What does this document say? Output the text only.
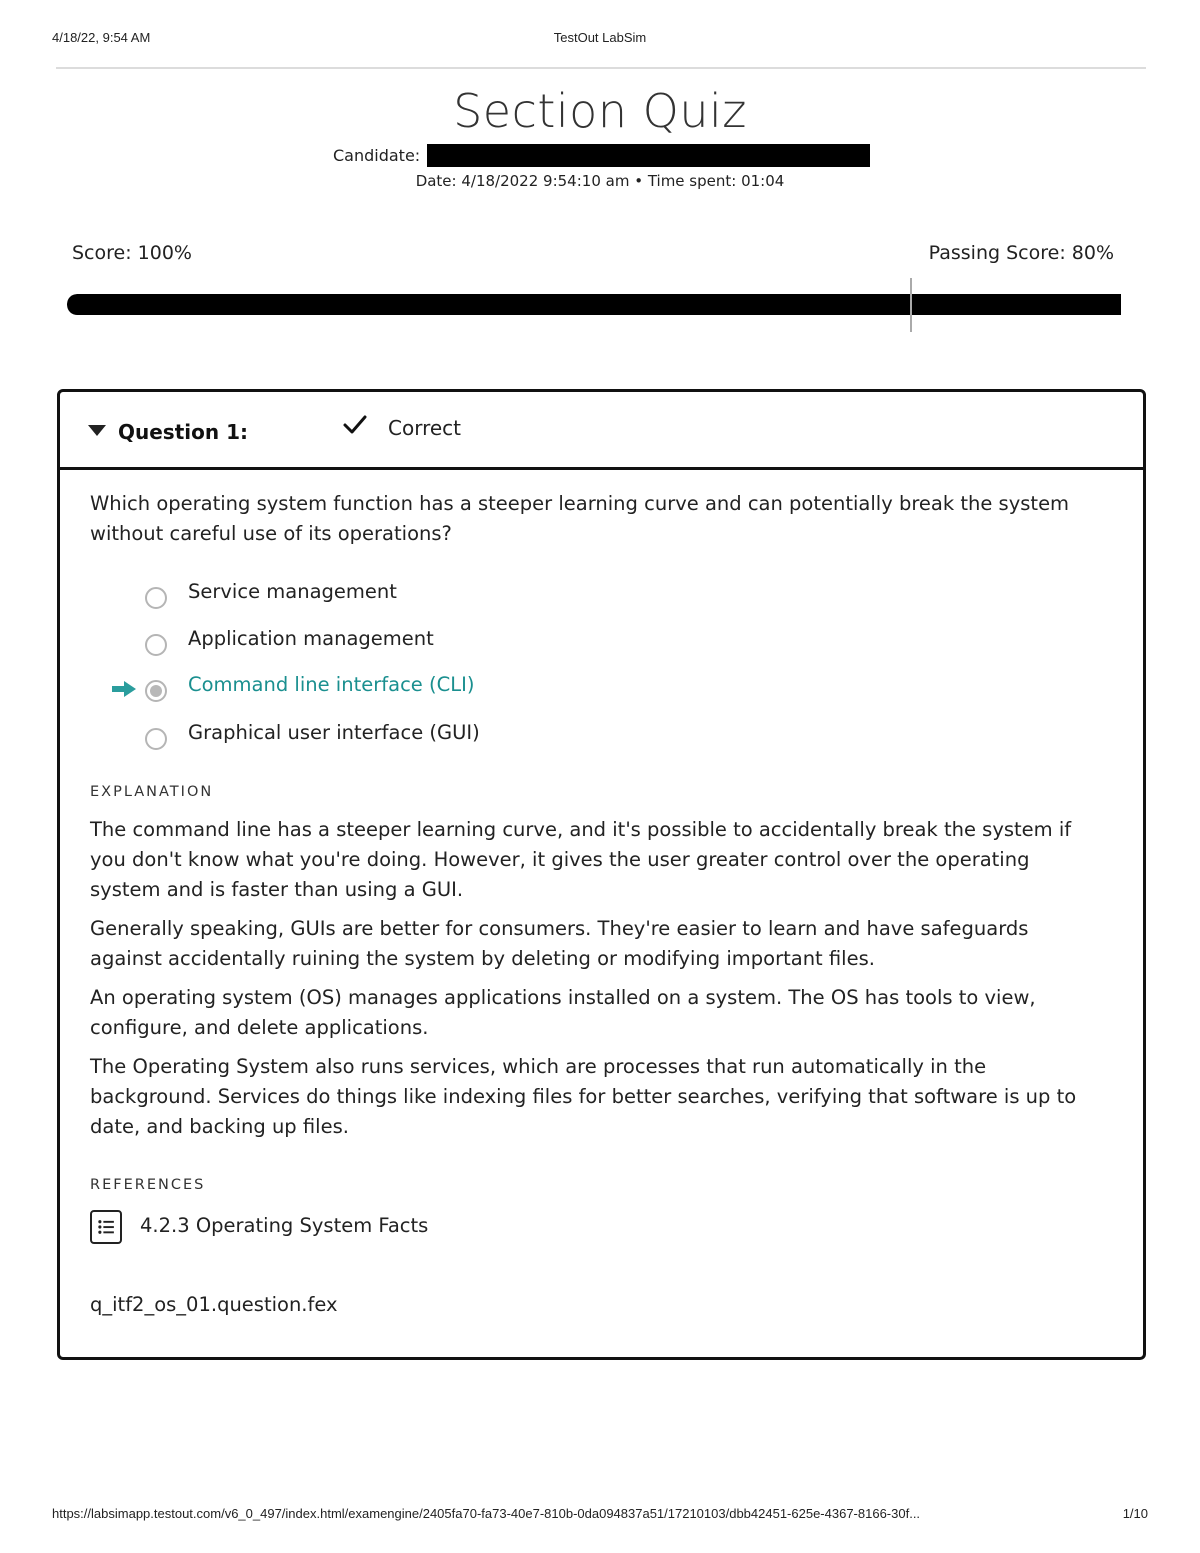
4/18/22, 9:54 AM	TestOut LabSim
Section Quiz
Candidate:
Date: 4/18/2022 9:54:10 am • Time spent: 01:04
Score: 100%	Passing Score: 80%
Question 1:	Correct
Which operating system function has a steeper learning curve and can potentially break the system without careful use of its operations?
Service management
Application management
Command line interface (CLI)
Graphical user interface (GUI)
EXPLANATION

The command line has a steeper learning curve, and it's possible to accidentally break the system if you don't know what you're doing. However, it gives the user greater control over the operating system and is faster than using a GUI.

Generally speaking, GUIs are better for consumers. They're easier to learn and have safeguards against accidentally ruining the system by deleting or modifying important files.

An operating system (OS) manages applications installed on a system. The OS has tools to view, configure, and delete applications.

The Operating System also runs services, which are processes that run automatically in the background. Services do things like indexing files for better searches, verifying that software is up to date, and backing up files.

REFERENCES
4.2.3 Operating System Facts
q_itf2_os_01.question.fex
https://labsimapp.testout.com/v6_0_497/index.html/examengine/2405fa70-fa73-40e7-810b-0da094837a51/17210103/dbb42451-625e-4367-8166-30f...	1/10
